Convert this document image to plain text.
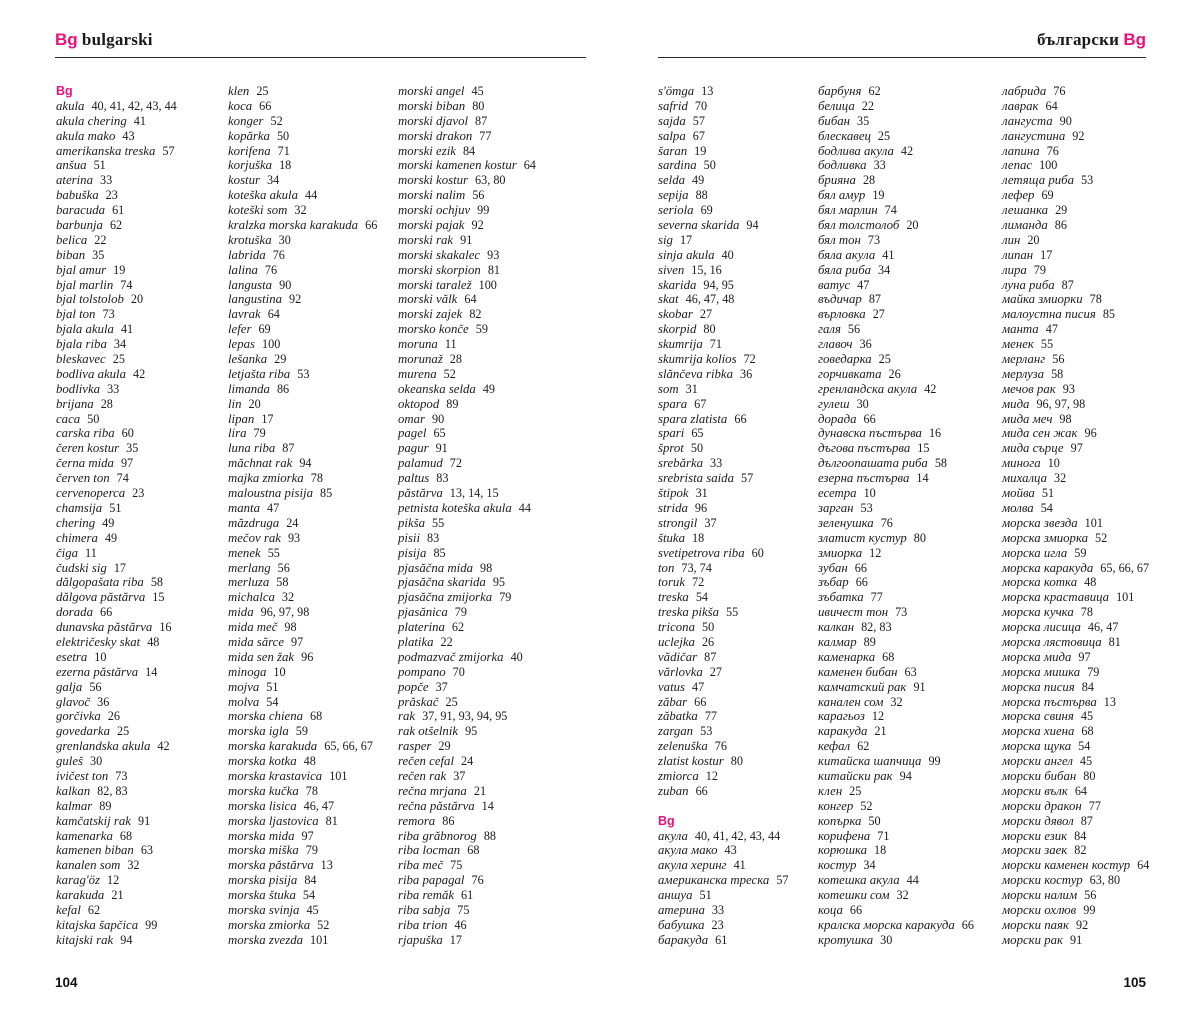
Bg bulgarski	български Bg
Bg
akula 40, 41, 42, 43, 44
akula chering 41
akula mako 43
amerikanska treska 57
anšua 51
aterina 33
babuška 23
baracuda 61
barbunja 62
belica 22
biban 35
bjal amur 19
bjal marlin 74
bjal tolstolob 20
bjal ton 73
bjala akula 41
bjala riba 34
bleskavec 25
bodliva akula 42
bodlivka 33
brijana 28
caca 50
carska riba 60
čeren kostur 35
černa mida 97
červen ton 74
cervenoperca 23
chamsija 51
chering 49
chimera 49
čiga 11
čudski sig 17
dălgopašata riba 58
dălgova păstărva 15
dorada 66
dunavska păstărva 16
električesky skat 48
esetra 10
ezerna păstărva 14
galja 56
glavoč 36
gorčivka 26
govedarka 25
grenlandska akula 42
guleš 30
ivičest ton 73
kalkan 82, 83
kalmar 89
kamčatskij rak 91
kamenarka 68
kamenen biban 63
kanalen som 32
karag'öz 12
karakuda 21
kefal 62
kitajska šapčica 99
kitajski rak 94
klen 25
koca 66
konger 52
kopărka 50
korifena 71
korjuška 18
kostur 34
koteška akula 44
koteški som 32
kralzka morska karakuda 66
krotuška 30
labrida 76
lalina 76
langusta 90
langustina 92
lavrak 64
lefer 69
lepas 100
lešanka 29
letjašta riba 53
limanda 86
lin 20
lipan 17
lira 79
luna riba 87
măchnat rak 94
majka zmiorka 78
maloustna pisija 85
manta 47
măzdruga 24
mečov rak 93
menek 55
merlang 56
merluza 58
michalca 32
mida 96, 97, 98
mida meč 98
mida sărce 97
mida sen žak 96
minoga 10
mojva 51
molva 54
morska chiena 68
morska igla 59
morska karakuda 65, 66, 67
morska kotka 48
morska krastavica 101
morska kučka 78
morska lisica 46, 47
morska ljastovica 81
morska mida 97
morska miška 79
morska păstărva 13
morska pisija 84
morska štuka 54
morska svinja 45
morska zmiorka 52
morska zvezda 101
morski angel 45
morski biban 80
morski djavol 87
morski drakon 77
morski ezik 84
morski kamenen kostur 64
morski kostur 63, 80
morski nalim 56
morski ochjuv 99
morski pajak 92
morski rak 91
morski skakalec 93
morski skorpion 81
morski taralež 100
morski vălk 64
morski zajek 82
morsko konče 59
moruna 11
morunaž 28
murena 52
okeanska selda 49
oktopod 89
omar 90
pagel 65
pagur 91
palamud 72
paltus 83
păstărva 13, 14, 15
petnista koteška akula 44
pikša 55
pisii 83
pisija 85
pjasăčna mida 98
pjasăčna skarida 95
pjasăčna zmijorka 79
pjasănica 79
platerina 62
platika 22
podmazvač zmijorka 40
pompano 70
popče 37
prăskač 25
rak 37, 91, 93, 94, 95
rak otšelnik 95
rasper 29
rečen cefal 24
rečen rak 37
rečna mrjana 21
rečna păstărva 14
remora 86
riba grăbnorog 88
riba locman 68
riba meč 75
riba papagal 76
riba remăk 61
riba sabja 75
riba trion 46
rjapuška 17
s'ömga 13
safrid 70
sajda 57
salpa 67
šaran 19
sardina 50
selda 49
sepija 88
seriola 69
severna skarida 94
sig 17
sinja akula 40
siven 15, 16
skarida 94, 95
skat 46, 47, 48
skobar 27
skorpid 80
skumrija 71
skumrija kolios 72
slănčeva ribka 36
som 31
spara 67
spara zlatista 66
spari 65
šprot 50
srebărka 33
srebrista saida 57
štipok 31
strida 96
strongil 37
štuka 18
svetipetrova riba 60
ton 73, 74
toruk 72
treska 54
treska pikša 55
tricona 50
uclejka 26
vădičar 87
vărlovka 27
vatus 47
zăbar 66
zăbatka 77
zargan 53
zelenuška 76
zlatist kostur 80
zmiorca 12
zuban 66
Bg
акула 40, 41, 42, 43, 44
акула мако 43
акула херинг 41
американска треска 57
аншуа 51
атерина 33
бабушка 23
баракуда 61
барбуня 62
белица 22
бибан 35
блескавец 25
бодлива акула 42
бодливка 33
брияна 28
бял амур 19
бял марлин 74
бял толстолоб 20
бял тон 73
бяла акула 41
бяла риба 34
ватус 47
въдичар 87
върловка 27
галя 56
главоч 36
говедарка 25
горчивката 26
гренландска акула 42
гулеш 30
дорада 66
дунавска пъстърва 16
дъгова пъстърва 15
дългоопашата риба 58
езерна пъстърва 14
есетра 10
зарган 53
зеленушка 76
златист кустур 80
змиорка 12
зубан 66
зъбар 66
зъбатка 77
ивичест тон 73
калкан 82, 83
калмар 89
каменарка 68
каменен бибан 63
камчатский рак 91
канален сом 32
карагьоз 12
каракуда 21
кефал 62
китайска шапчица 99
китайски рак 94
клен 25
конгер 52
копърка 50
корифена 71
корюшка 18
костур 34
котешка акула 44
котешки сом 32
коца 66
кралска морска каракуда 66
кротушка 30
лабрида 76
лаврак 64
лангуста 90
лангустина 92
лапина 76
лепас 100
летяща риба 53
лефер 69
лешанка 29
лиманда 86
лин 20
липан 17
лира 79
луна риба 87
майка змиорки 78
малоустна писия 85
манта 47
менек 55
мерланг 56
мерлуза 58
мечов рак 93
мида 96, 97, 98
мида меч 98
мида сен жак 96
мида сърце 97
минога 10
михалца 32
мойва 51
молва 54
морска звезда 101
морска змиорка 52
морска игла 59
морска каракуда 65, 66, 67
морска котка 48
морска краставица 101
морска кучка 78
морска лисица 46, 47
морска лястовица 81
морска мида 97
морска мишка 79
морска писия 84
морска пъстърва 13
морска свиня 45
морска хиена 68
морска щука 54
морски ангел 45
морски бибан 80
морски вълк 64
морски дракон 77
морски дявол 87
морски език 84
морски заек 82
морски каменен костур 64
морски костур 63, 80
морски налим 56
морски охлюв 99
морски паяк 92
морски рак 91
104	105
